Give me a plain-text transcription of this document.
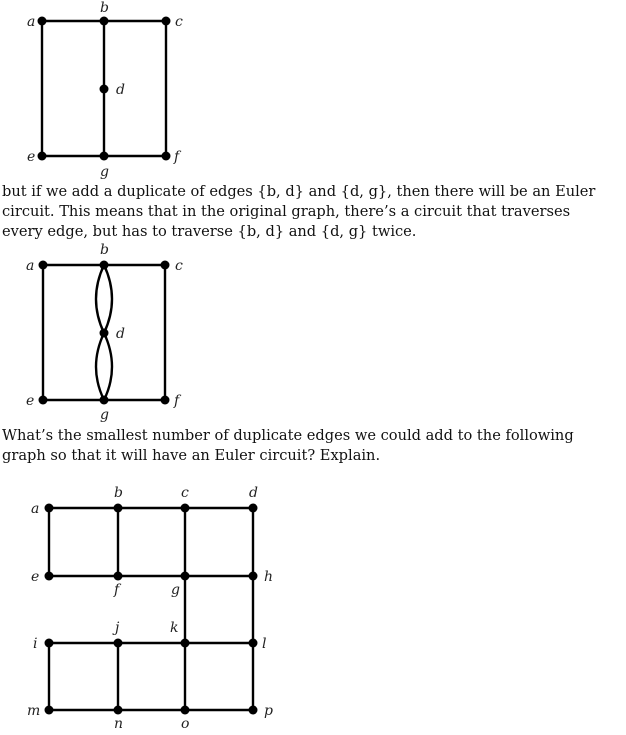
a
b
c
d
e	f
g

but if we add a duplicate of edges {b, d} and {d, g}, then there will be an Euler

circuit. This means that in the original graph, there’s a circuit that traverses

every edge, but has to traverse {b, d} and {d, g} twice.

a
b
c
d
e	f
g

What’s the smallest number of duplicate edges we could add to the following

graph so that it will have an Euler circuit? Explain.

a
b	c	d
e
f	g
h
i
j	k
l
m
n	o
p
